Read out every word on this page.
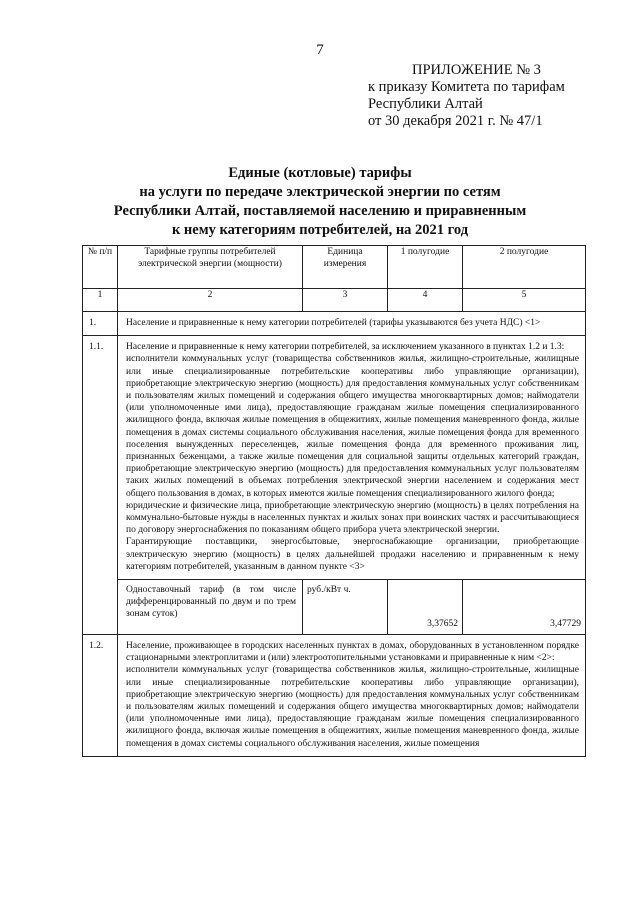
7
ПРИЛОЖЕНИЕ № 3
к приказу Комитета по тарифам
Республики Алтай
от 30 декабря 2021 г. № 47/1
Единые (котловые) тарифы
на услуги по передаче электрической энергии по сетям
Республики Алтай, поставляемой населению и приравненным
к нему категориям потребителей, на 2021 год
№ п/п	Тарифные группы потребителей электрической энергии (мощности)	Единица измерения	1 полугодие	2 полугодие

1	2	3	4	5
1.	Население и приравненные к нему категории потребителей (тарифы указываются без учета НДС) <1>			

1.1.	Население и приравненные к нему категории потребителей, за исключением указанного в пунктах 1.2 и 1.3:

исполнители коммунальных услуг (товарищества собственников жилья, жилищно-строительные, жилищные или иные специализированные потребительские кооперативы либо управляющие организации), приобретающие электрическую энергию (мощность) для предоставления коммунальных услуг собственникам и пользователям жилых помещений и содержания общего имущества многоквартирных домов; наймодатели (или уполномоченные ими лица), предоставляющие гражданам жилые помещения специализированного жилищного фонда, включая жилые помещения в общежитиях, жилые помещения маневренного фонда, жилые помещения в домах системы социального обслуживания населения, жилые помещения фонда для временного поселения вынужденных переселенцев, жилые помещения фонда для временного проживания лиц, признанных беженцами, а также жилые помещения для социальной защиты отдельных категорий граждан, приобретающие электрическую энергию (мощность) для предоставления коммунальных услуг пользователям таких жилых помещений в объемах потребления электрической энергии населением и содержания мест общего пользования в домах, в которых имеются жилые помещения специализированного жилого фонда;

юридические и физические лица, приобретающие электрическую энергию (мощность) в целях потребления на коммунально-бытовые нужды в населенных пунктах и жилых зонах при воинских частях и рассчитывающиеся по договору энергоснабжения по показаниям общего прибора учета электрической энергии.

Гарантирующие поставщики, энергосбытовые, энергоснабжающие организации, приобретающие электрическую энергию (мощность) в целях дальнейшей продажи населению и приравненным к нему категориям потребителей, указанным в данном пункте <3>			

	Одноставочный тариф (в том числе дифференцированный по двум и по трем зонам суток)	руб./кВт ч.	3,37652	3,47729
1.2.	Население, проживающее в городских населенных пунктах в домах, оборудованных в установленном порядке стационарными электроплитами и (или) электроотопительными установками и приравненные к ним <2>:

исполнители коммунальных услуг (товарищества собственников жилья, жилищно-строительные, жилищные или иные специализированные потребительские кооперативы либо управляющие организации), приобретающие электрическую энергию (мощность) для предоставления коммунальных услуг собственникам и пользователям жилых помещений и содержания общего имущества многоквартирных домов; наймодатели (или уполномоченные ими лица), предоставляющие гражданам жилые помещения специализированного жилищного фонда, включая жилые помещения в общежитиях, жилые помещения маневренного фонда, жилые помещения в домах системы социального обслуживания населения, жилые помещения			
